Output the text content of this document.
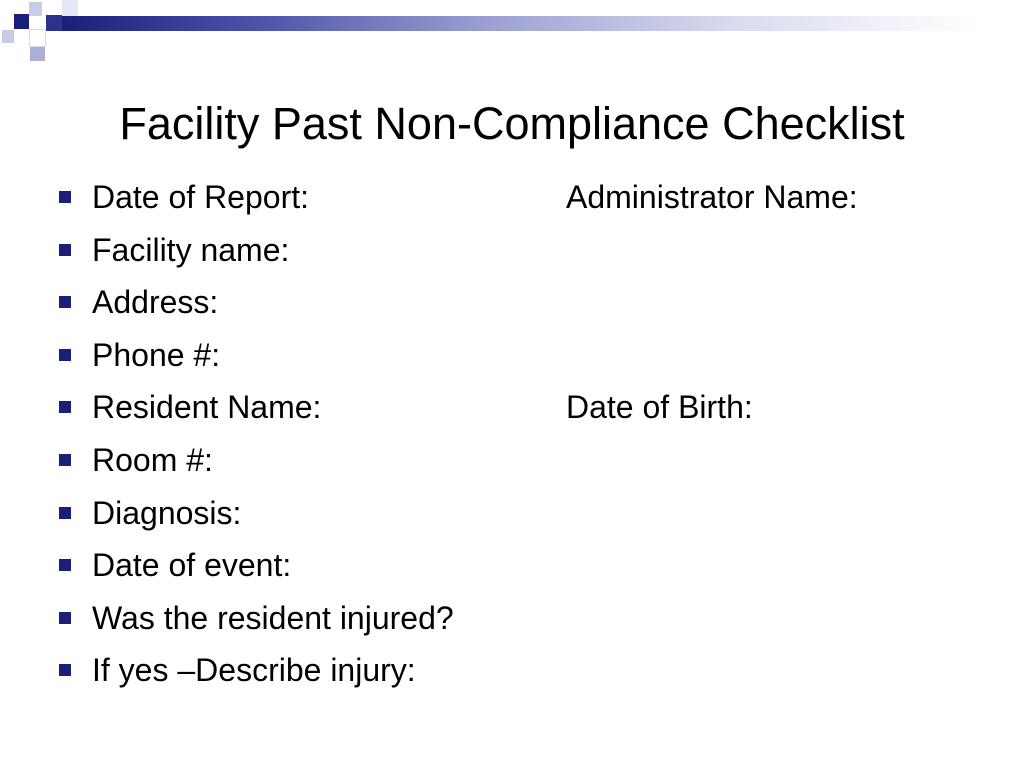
Facility Past Non-Compliance Checklist
Date of Report:	Administrator Name:
Facility name:
Address:
Phone #:
Resident Name:	Date of Birth:
Room #:
Diagnosis:
Date of event:
Was the resident injured?
If yes –Describe injury:
